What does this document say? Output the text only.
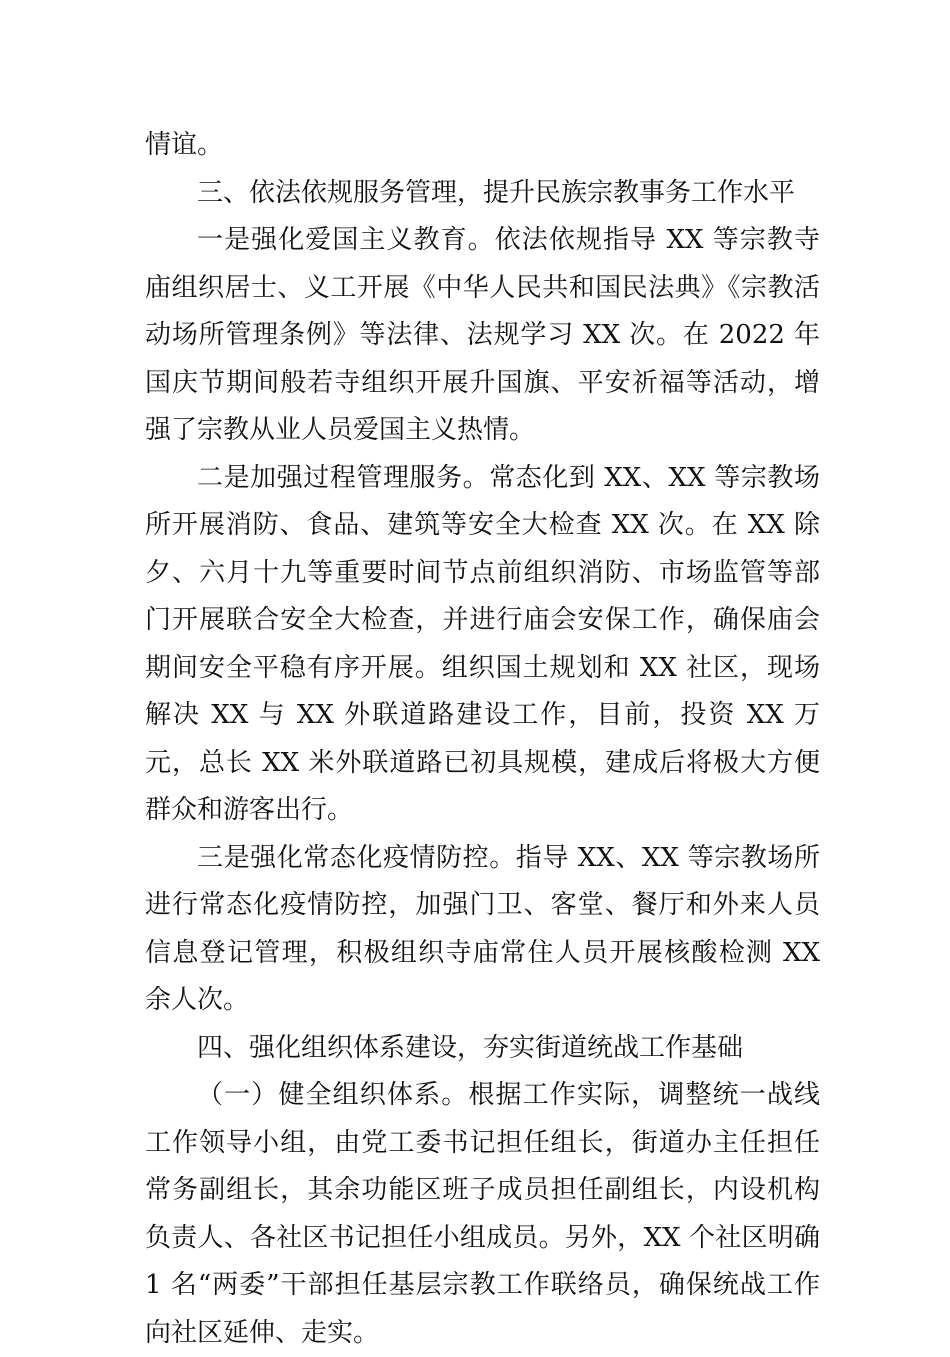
情谊。

三、依法依规服务管理，提升民族宗教事务工作水平

一是强化爱国主义教育。依法依规指导 XX 等宗教寺庙组织居士、义工开展《中华人民共和国民法典》《宗教活动场所管理条例》等法律、法规学习 XX 次。在 2022 年国庆节期间般若寺组织开展升国旗、平安祈福等活动，增强了宗教从业人员爱国主义热情。

二是加强过程管理服务。常态化到 XX、XX 等宗教场所开展消防、食品、建筑等安全大检查 XX 次。在 XX 除夕、六月十九等重要时间节点前组织消防、市场监管等部门开展联合安全大检查，并进行庙会安保工作，确保庙会期间安全平稳有序开展。组织国土规划和 XX 社区，现场解决 XX 与 XX 外联道路建设工作，目前，投资 XX 万元，总长 XX 米外联道路已初具规模，建成后将极大方便群众和游客出行。

三是强化常态化疫情防控。指导 XX、XX 等宗教场所进行常态化疫情防控，加强门卫、客堂、餐厅和外来人员信息登记管理，积极组织寺庙常住人员开展核酸检测 XX 余人次。

四、强化组织体系建设，夯实街道统战工作基础

（一）健全组织体系。根据工作实际，调整统一战线工作领导小组，由党工委书记担任组长，街道办主任担任常务副组长，其余功能区班子成员担任副组长，内设机构负责人、各社区书记担任小组成员。另外，XX 个社区明确 1 名“两委”干部担任基层宗教工作联络员，确保统战工作向社区延伸、走实。
